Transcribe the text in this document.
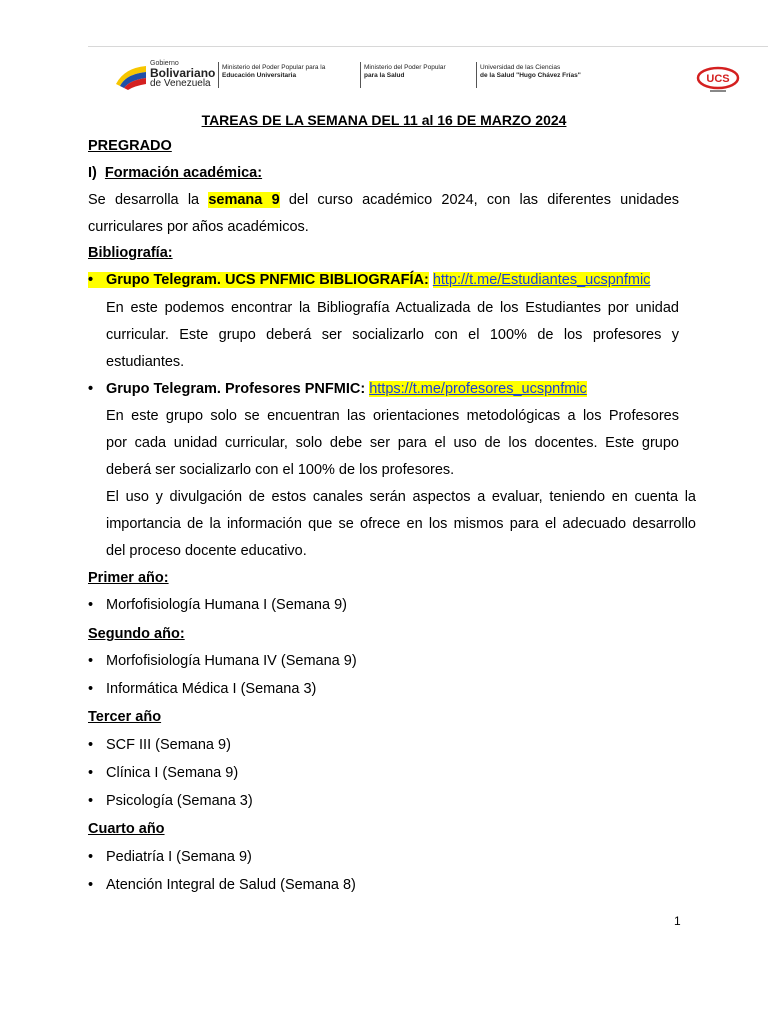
Gobierno
Bolivariano
de Venezuela
Ministerio del Poder Popular para la
Educación Universitaria
Ministerio del Poder Popular
para la Salud
Universidad de las Ciencias
de la Salud "Hugo Chávez Frías"	UCS
TAREAS DE LA SEMANA DEL 11 al 16 DE MARZO 2024
PREGRADO
I) Formación académica:
Se desarrolla la semana 9 del curso académico 2024, con las diferentes unidades
curriculares por años académicos.
Bibliografía:
• Grupo Telegram. UCS PNFMIC BIBLIOGRAFÍA: http://t.me/Estudiantes_ucspnfmic
En este podemos encontrar la Bibliografía Actualizada de los Estudiantes por unidad
curricular. Este grupo deberá ser socializarlo con el 100% de los profesores y
estudiantes.
• Grupo Telegram. Profesores PNFMIC: https://t.me/profesores_ucspnfmic
En este grupo solo se encuentran las orientaciones metodológicas a los Profesores
por cada unidad curricular, solo debe ser para el uso de los docentes. Este grupo
deberá ser socializarlo con el 100% de los profesores.
El uso y divulgación de estos canales serán aspectos a evaluar, teniendo en cuenta la
importancia de la información que se ofrece en los mismos para el adecuado desarrollo
del proceso docente educativo.
Primer año:
• Morfofisiología Humana I (Semana 9)
Segundo año:
• Morfofisiología Humana IV (Semana 9)
• Informática Médica I (Semana 3)
Tercer año
• SCF III (Semana 9)
• Clínica I (Semana 9)
• Psicología (Semana 3)
Cuarto año
• Pediatría I (Semana 9)
• Atención Integral de Salud (Semana 8)
1
